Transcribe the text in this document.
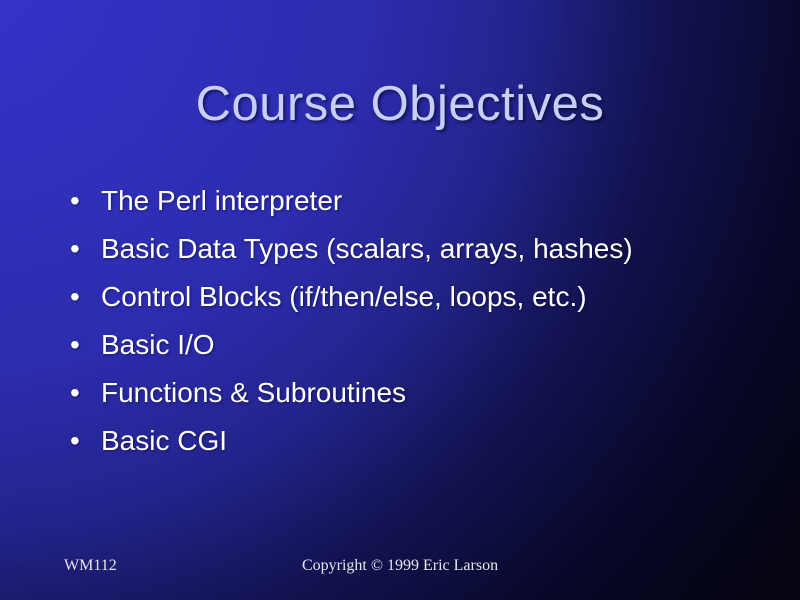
Course Objectives
• The Perl interpreter
• Basic Data Types (scalars, arrays, hashes)
• Control Blocks (if/then/else, loops, etc.)
• Basic I/O
• Functions & Subroutines
• Basic CGI
Copyright © 1999 Eric Larson
WM112
